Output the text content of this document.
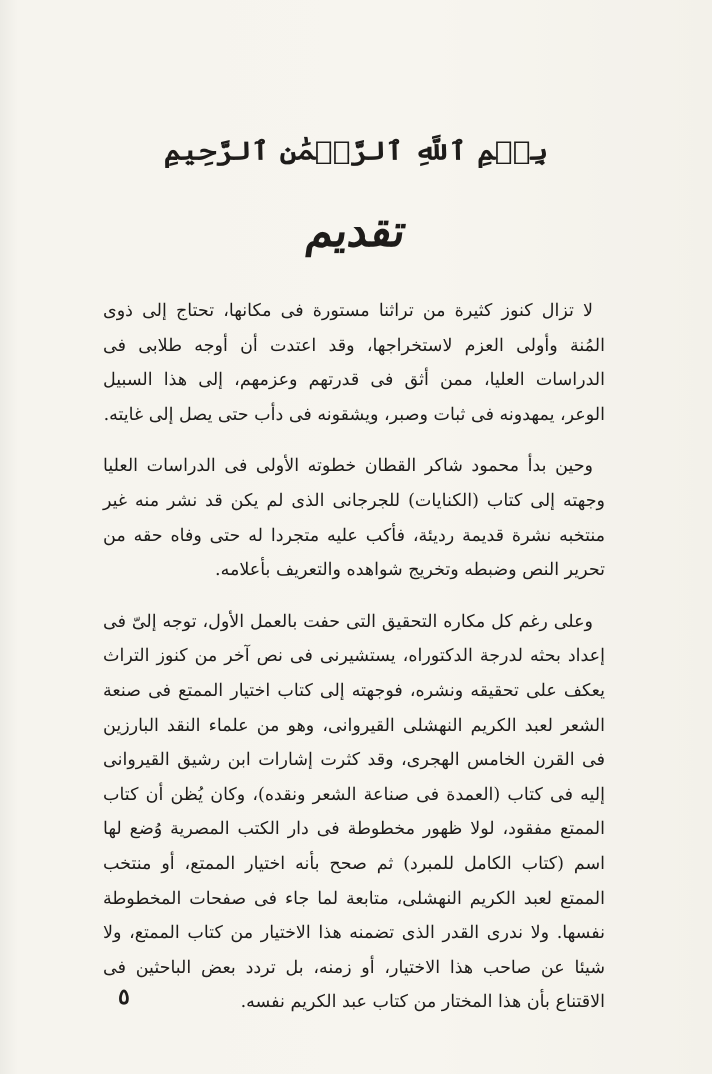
بِسۡمِ ٱللَّهِ ٱلرَّحۡمَٰنِ ٱلرَّحِيمِ
تقديم

لا تزال كنوز كثيرة من تراثنا مستورة فى مكانها، تحتاج إلى ذوى المُنة وأولى العزم لاستخراجها، وقد اعتدت أن أوجه طلابى فى الدراسات العليا، ممن أثق فى قدرتهم وعزمهم، إلى هذا السبيل الوعر، يمهدونه فى ثبات وصبر، ويشقونه فى دأب حتى يصل إلى غايته.

وحين بدأ محمود شاكر القطان خطوته الأولى فى الدراسات العليا وجهته إلى كتاب (الكنايات) للجرجانى الذى لم يكن قد نشر منه غير منتخبه نشرة قديمة رديئة، فأكب عليه متجردا له حتى وفاه حقه من تحرير النص وضبطه وتخريج شواهده والتعريف بأعلامه.

وعلى رغم كل مكاره التحقيق التى حفت بالعمل الأول، توجه إلىّ فى إعداد بحثه لدرجة الدكتوراه، يستشيرنى فى نص آخر من كنوز التراث يعكف على تحقيقه ونشره، فوجهته إلى كتاب اختيار الممتع فى صنعة الشعر لعبد الكريم النهشلى القيروانى، وهو من علماء النقد البارزين فى القرن الخامس الهجرى، وقد كثرت إشارات ابن رشيق القيروانى إليه فى كتاب (العمدة فى صناعة الشعر ونقده)، وكان يُظن أن كتاب الممتع مفقود، لولا ظهور مخطوطة فى دار الكتب المصرية وُضع لها اسم (كتاب الكامل للمبرد) ثم صحح بأنه اختيار الممتع، أو منتخب الممتع لعبد الكريم النهشلى، متابعة لما جاء فى صفحات المخطوطة نفسها. ولا ندرى القدر الذى تضمنه هذا الاختيار من كتاب الممتع، ولا شيئا عن صاحب هذا الاختيار، أو زمنه، بل تردد بعض الباحثين فى الاقتناع بأن هذا المختار من كتاب عبد الكريم نفسه.

٥
